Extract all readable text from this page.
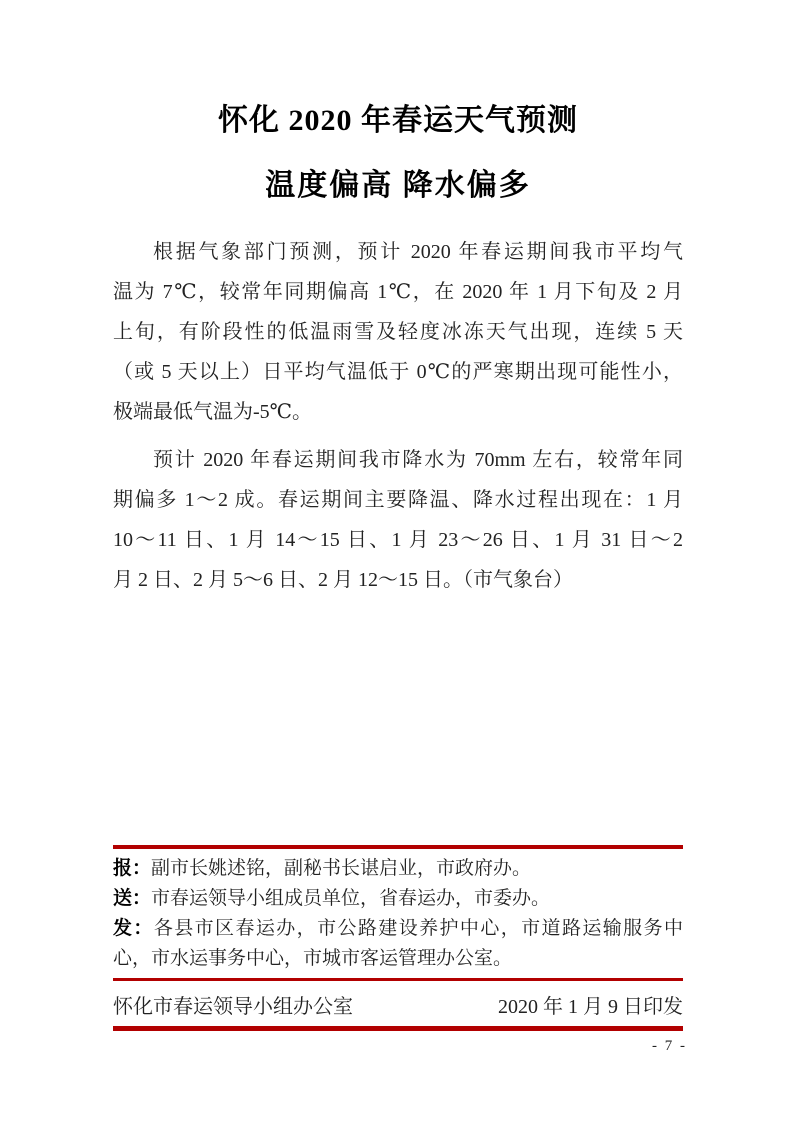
怀化 2020 年春运天气预测
温度偏高 降水偏多
根据气象部门预测，预计 2020 年春运期间我市平均气
温为 7℃，较常年同期偏高 1℃，在 2020 年 1 月下旬及 2 月
上旬，有阶段性的低温雨雪及轻度冰冻天气出现，连续 5 天
（或 5 天以上）日平均气温低于 0℃的严寒期出现可能性小，
极端最低气温为-5℃。
预计 2020 年春运期间我市降水为 70mm 左右，较常年同
期偏多 1～2 成。春运期间主要降温、降水过程出现在：1 月
10～11 日、1 月 14～15 日、1 月 23～26 日、1 月 31 日～2
月 2 日、2 月 5～6 日、2 月 12～15 日。（市气象台）
报：副市长姚述铭，副秘书长谌启业，市政府办。
送：市春运领导小组成员单位，省春运办，市委办。
发：各县市区春运办，市公路建设养护中心，市道路运输服务中
心，市水运事务中心，市城市客运管理办公室。
怀化市春运领导小组办公室	2020 年 1 月 9 日印发
- 7 -
